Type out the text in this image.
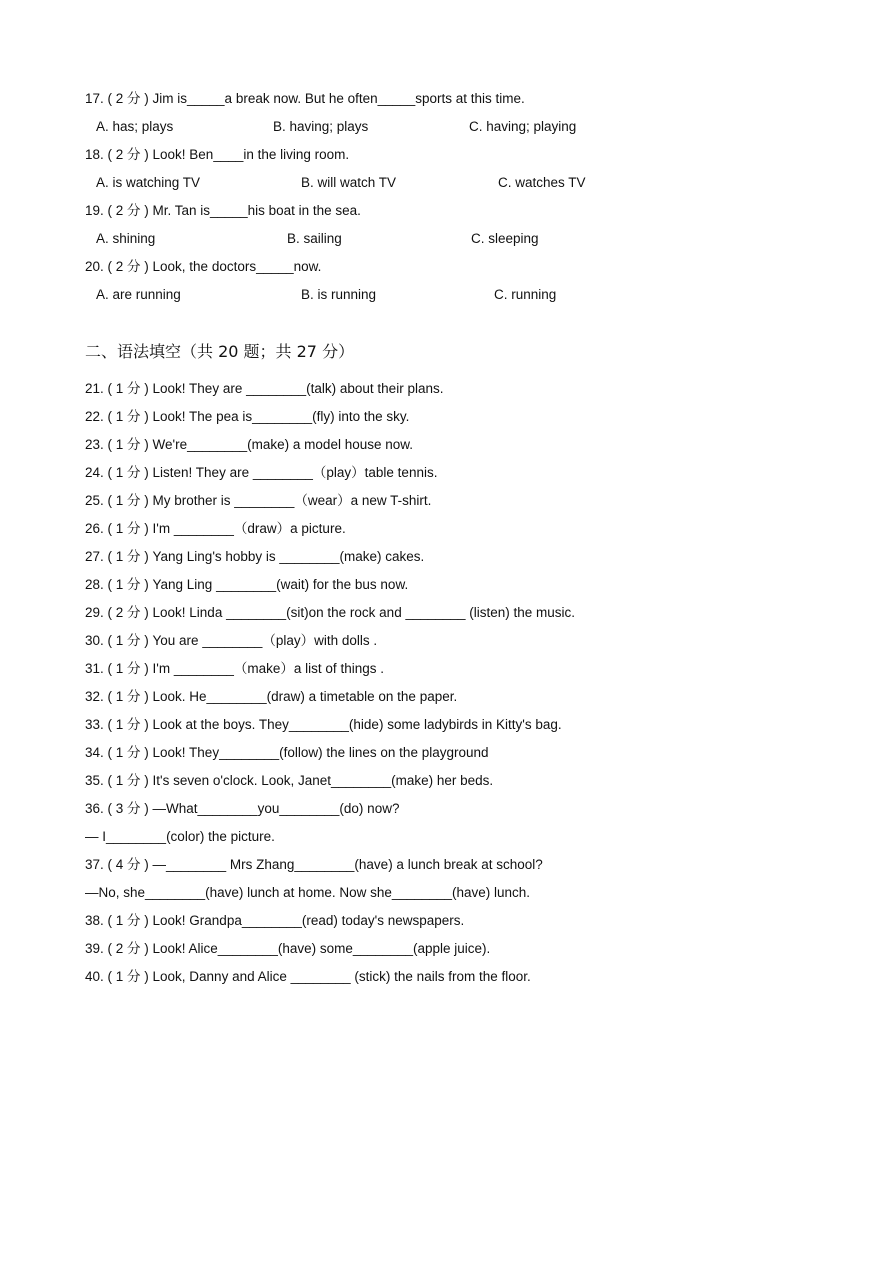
17. ( 2 分 ) Jim is_____a break now. But he often_____sports at this time.
A. has; plays	B. having; plays	C. having; playing
18. ( 2 分 ) Look! Ben____in the living room.
A. is watching TV	B. will watch TV	C. watches TV
19. ( 2 分 ) Mr. Tan is_____his boat in the sea.
A. shining	B. sailing	C. sleeping
20. ( 2 分 ) Look, the doctors_____now.
A. are running	B. is running	C. running
二、语法填空（共 20 题；共 27 分）
21. ( 1 分 ) Look! They are ________(talk) about their plans.
22. ( 1 分 ) Look! The pea is________(fly) into the sky.
23. ( 1 分 ) We're________(make) a model house now.
24. ( 1 分 ) Listen! They are ________（play）table tennis.
25. ( 1 分 ) My brother is ________（wear）a new T-shirt.
26. ( 1 分 ) I'm ________（draw）a picture.
27. ( 1 分 ) Yang Ling's hobby is ________(make) cakes.
28. ( 1 分 ) Yang Ling ________(wait) for the bus now.
29. ( 2 分 ) Look! Linda ________(sit)on the rock and ________ (listen) the music.
30. ( 1 分 ) You are ________（play）with dolls .
31. ( 1 分 ) I'm ________（make）a list of things .
32. ( 1 分 ) Look. He________(draw) a timetable on the paper.
33. ( 1 分 ) Look at the boys. They________(hide) some ladybirds in Kitty's bag.
34. ( 1 分 ) Look! They________(follow) the lines on the playground
35. ( 1 分 ) It's seven o'clock. Look, Janet________(make) her beds.
36. ( 3 分 ) —What________you________(do) now?
— I________(color) the picture.
37. ( 4 分 ) —________ Mrs Zhang________(have) a lunch break at school?
—No, she________(have) lunch at home. Now she________(have) lunch.
38. ( 1 分 ) Look! Grandpa________(read) today's newspapers.
39. ( 2 分 ) Look! Alice________(have) some________(apple juice).
40. ( 1 分 ) Look, Danny and Alice ________ (stick) the nails from the floor.
